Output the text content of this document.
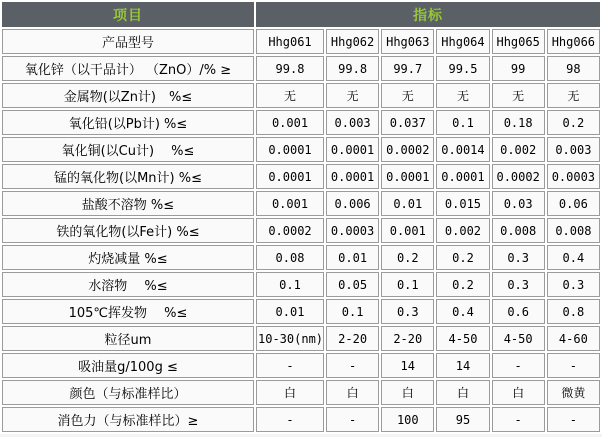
项目	指标					
产品型号	Hhg061	Hhg062	Hhg063	Hhg064	Hhg065	Hhg066
氧化锌（以干品计） （ZnO）/% ≥	99.8	99.8	99.7	99.5	99	98
金属物(以Zn计)　%≤	无	无	无	无	无	无
氧化铅(以Pb计) %≤	0.001	0.003	0.037	0.1	0.18	0.2
氧化铜(以Cu计)　 %≤	0.0001	0.0001	0.0002	0.0014	0.002	0.003
锰的氧化物(以Mn计) %≤	0.0001	0.0001	0.0001	0.0001	0.0002	0.0003
盐酸不溶物 %≤	0.001	0.006	0.01	0.015	0.03	0.06
铁的氧化物(以Fe计) %≤	0.0002	0.0003	0.001	0.002	0.008	0.008
灼烧减量 %≤	0.08	0.01	0.2	0.2	0.3	0.4
水溶物　 %≤	0.1	0.05	0.1	0.2	0.3	0.3
105℃挥发物　 %≤	0.01	0.1	0.3	0.4	0.6	0.8
粒径um	10-30(nm)	2-20	2-20	4-50	4-50	4-60
吸油量g/100g ≤	-	-	14	14	-	-
颜色（与标准样比）	白	白	白	白	白	微黄
消色力（与标准样比）≥	-	-	100	95	-	-
